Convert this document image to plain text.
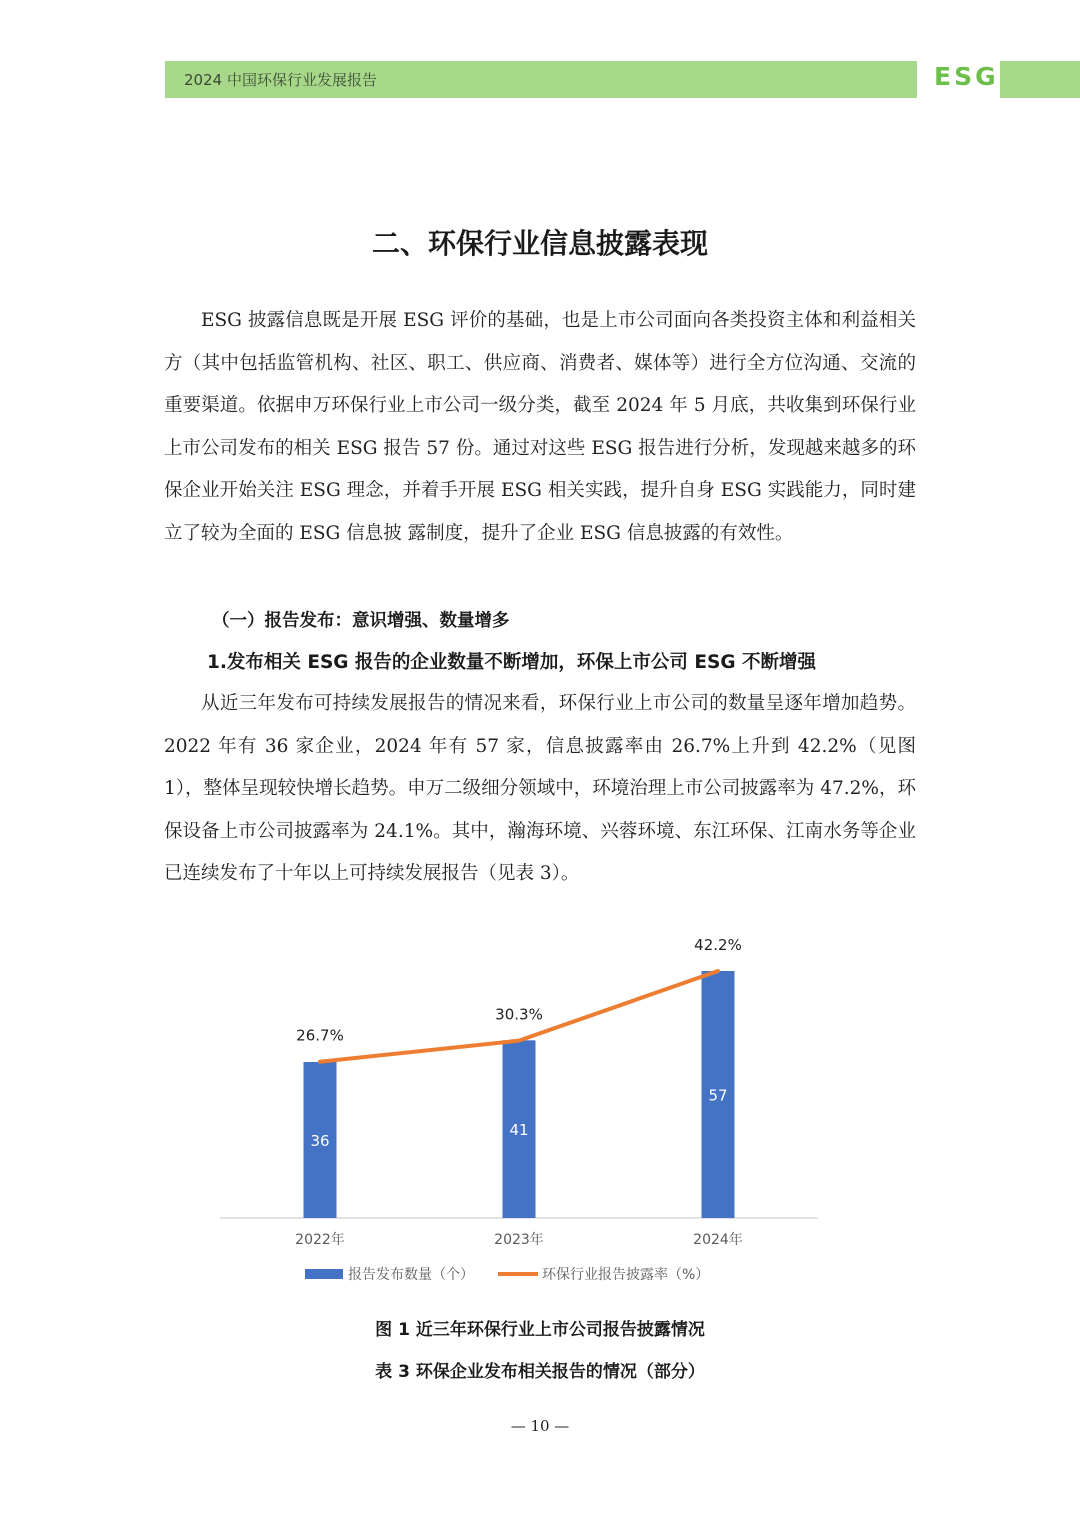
2024 中国环保行业发展报告	ESG
二、环保行业信息披露表现
ESG 披露信息既是开展 ESG 评价的基础，也是上市公司面向各类投资主体和利益相关方（其中包括监管机构、社区、职工、供应商、消费者、媒体等）进行全方位沟通、交流的重要渠道。依据申万环保行业上市公司一级分类，截至 2024 年 5 月底，共收集到环保行业上市公司发布的相关 ESG 报告 57 份。通过对这些 ESG 报告进行分析，发现越来越多的环保企业开始关注 ESG 理念，并着手开展 ESG 相关实践，提升自身 ESG 实践能力，同时建立了较为全面的 ESG 信息披 露制度，提升了企业 ESG 信息披露的有效性。
（一）报告发布：意识增强、数量增多
1.发布相关 ESG 报告的企业数量不断增加，环保上市公司 ESG 不断增强
从近三年发布可持续发展报告的情况来看，环保行业上市公司的数量呈逐年增加趋势。2022 年有 36 家企业，2024 年有 57 家，信息披露率由 26.7%上升到 42.2%（见图 1），整体呈现较快增长趋势。申万二级细分领域中，环境治理上市公司披露率为 47.2%，环保设备上市公司披露率为 24.1%。其中，瀚海环境、兴蓉环境、东江环保、江南水务等企业已连续发布了十年以上可持续发展报告（见表 3）。
36
41
57
26.7%
30.3%
42.2%
2022年	2023年	2024年
报告发布数量（个）	环保行业报告披露率（%）
图 1 近三年环保行业上市公司报告披露情况
表 3 环保企业发布相关报告的情况（部分）
— 10 —
